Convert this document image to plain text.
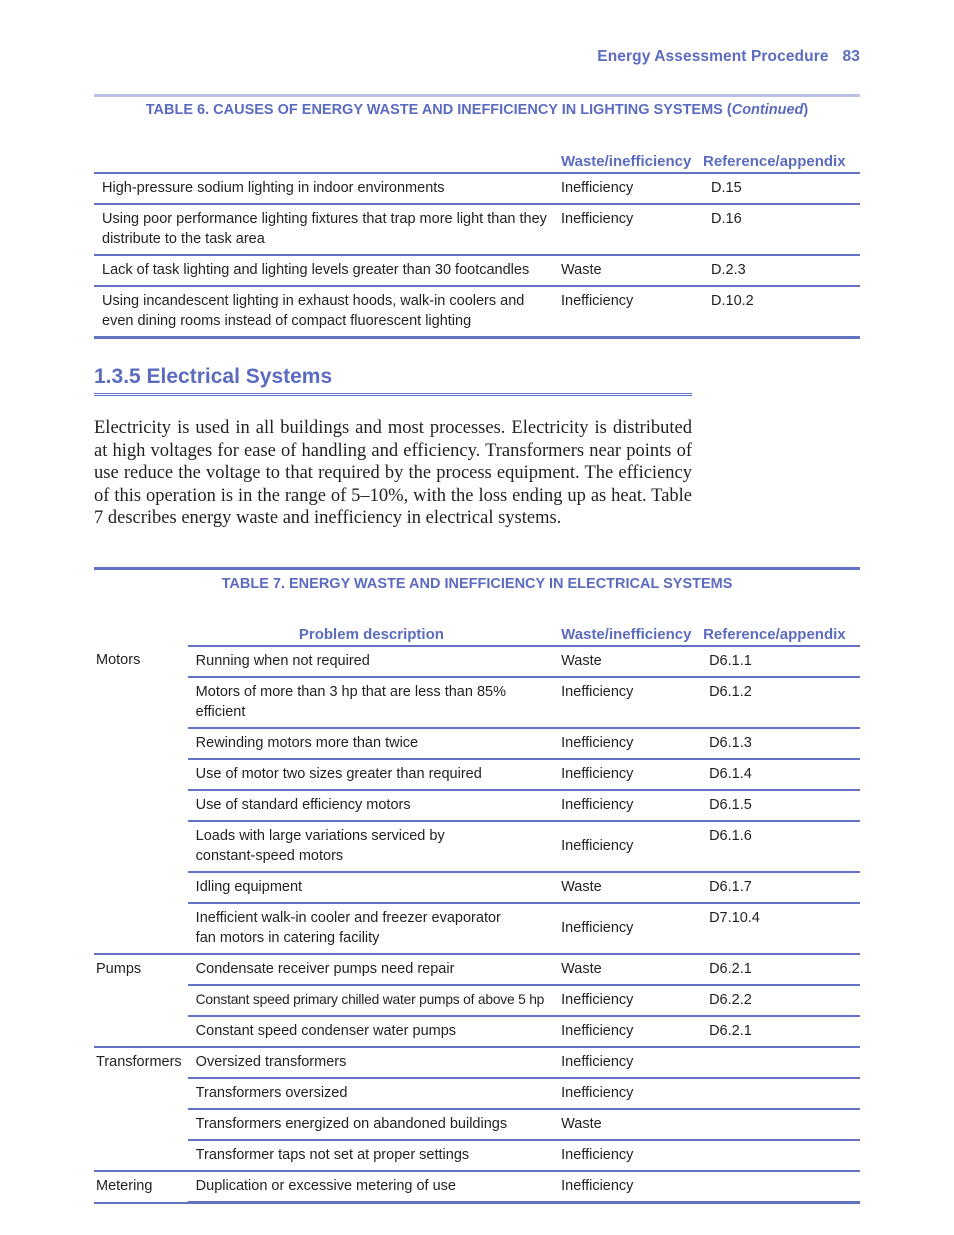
Energy Assessment Procedure 83
TABLE 6. CAUSES OF ENERGY WASTE AND INEFFICIENCY IN LIGHTING SYSTEMS (Continued)
	Waste/inefficiency	Reference/appendix
High-pressure sodium lighting in indoor environments	Inefficiency	D.15
Using poor performance lighting fixtures that trap more light than they distribute to the task area	Inefficiency	D.16
Lack of task lighting and lighting levels greater than 30 footcandles	Waste	D.2.3
Using incandescent lighting in exhaust hoods, walk-in coolers and even dining rooms instead of compact fluorescent lighting	Inefficiency	D.10.2
1.3.5 Electrical Systems
Electricity is used in all buildings and most processes. Electricity is distributed at high voltages for ease of handling and efficiency. Transformers near points of use reduce the voltage to that required by the process equipment. The efficiency of this operation is in the range of 5–10%, with the loss ending up as heat. Table 7 describes energy waste and inefficiency in electrical systems.
TABLE 7. ENERGY WASTE AND INEFFICIENCY IN ELECTRICAL SYSTEMS
	Problem description	Waste/inefficiency	Reference/appendix
Motors	Running when not required	Waste	D6.1.1
	Motors of more than 3 hp that are less than 85% efficient	Inefficiency	D6.1.2
	Rewinding motors more than twice	Inefficiency	D6.1.3
	Use of motor two sizes greater than required	Inefficiency	D6.1.4
	Use of standard efficiency motors	Inefficiency	D6.1.5
	Loads with large variations serviced by constant-speed motors	Inefficiency	D6.1.6
	Idling equipment	Waste	D6.1.7
	Inefficient walk-in cooler and freezer evaporator fan motors in catering facility	Inefficiency	D7.10.4
Pumps	Condensate receiver pumps need repair	Waste	D6.2.1
	Constant speed primary chilled water pumps of above 5 hp	Inefficiency	D6.2.2
	Constant speed condenser water pumps	Inefficiency	D6.2.1
Transformers	Oversized transformers	Inefficiency	
	Transformers oversized	Inefficiency	
	Transformers energized on abandoned buildings	Waste	
	Transformer taps not set at proper settings	Inefficiency	
Metering	Duplication or excessive metering of use	Inefficiency	
